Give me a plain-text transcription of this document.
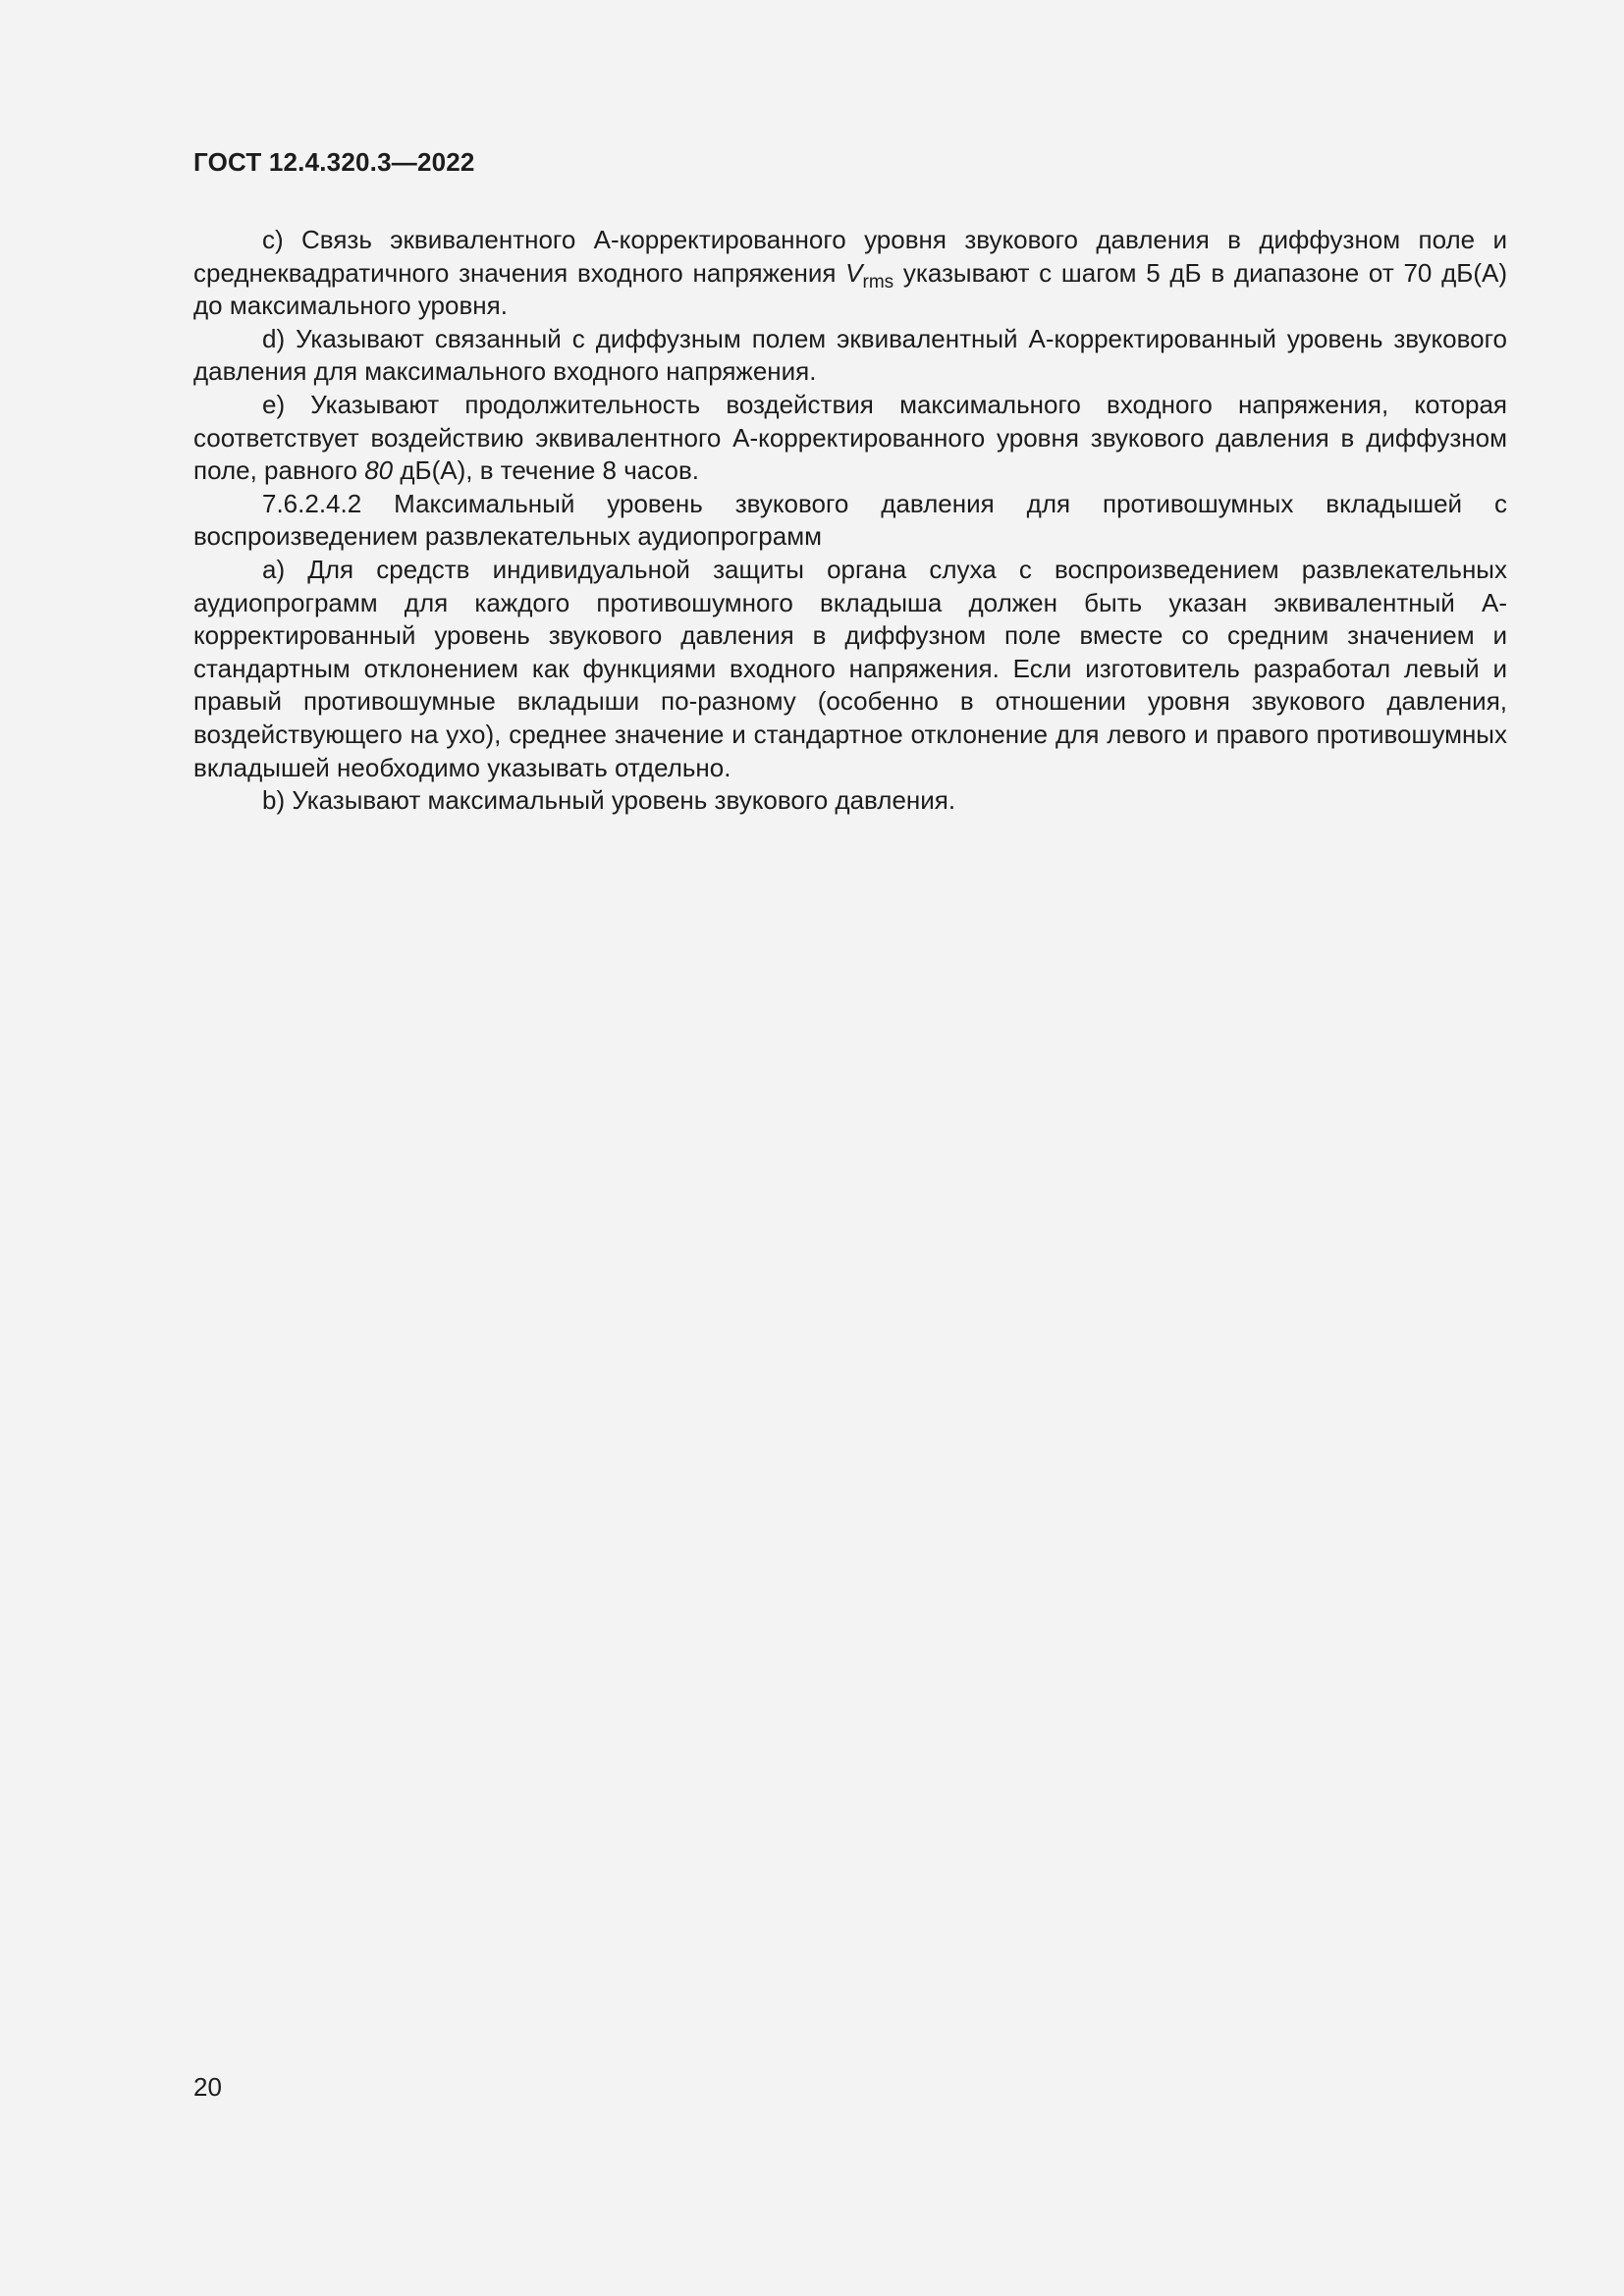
ГОСТ 12.4.320.3—2022

c) Связь эквивалентного А-корректированного уровня звукового давления в диффузном поле и среднеквадратичного значения входного напряжения $V_{rms}$ указывают с шагом 5 дБ в диапазоне от 70 дБ(А) до максимального уровня.

d) Указывают связанный с диффузным полем эквивалентный А-корректированный уровень звукового давления для максимального входного напряжения.

e) Указывают продолжительность воздействия максимального входного напряжения, которая соответствует воздействию эквивалентного А-корректированного уровня звукового давления в диффузном поле, равного 80 дБ(А), в течение 8 часов.

7.6.2.4.2 Максимальный уровень звукового давления для противошумных вкладышей с воспроизведением развлекательных аудиопрограмм

a) Для средств индивидуальной защиты органа слуха с воспроизведением развлекательных аудиопрограмм для каждого противошумного вкладыша должен быть указан эквивалентный А-корректированный уровень звукового давления в диффузном поле вместе со средним значением и стандартным отклонением как функциями входного напряжения. Если изготовитель разработал левый и правый противошумные вкладыши по-разному (особенно в отношении уровня звукового давления, воздействующего на ухо), среднее значение и стандартное отклонение для левого и правого противошумных вкладышей необходимо указывать отдельно.

b) Указывают максимальный уровень звукового давления.

20
